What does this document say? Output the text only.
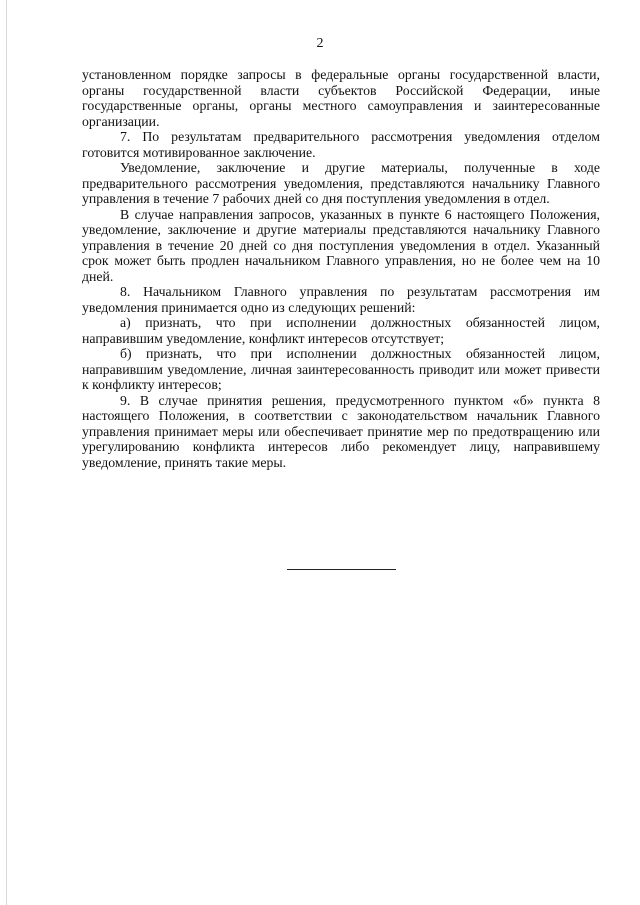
2

установленном порядке запросы в федеральные органы государственной власти, органы государственной власти субъектов Российской Федерации, иные государственные органы, органы местного самоуправления и заинтересованные организации.

7. По результатам предварительного рассмотрения уведомления отделом готовится мотивированное заключение.

Уведомление, заключение и другие материалы, полученные в ходе предварительного рассмотрения уведомления, представляются начальнику Главного управления в течение 7 рабочих дней со дня поступления уведомления в отдел.

В случае направления запросов, указанных в пункте 6 настоящего Положения, уведомление, заключение и другие материалы представляются начальнику Главного управления в течение 20 дней со дня поступления уведомления в отдел. Указанный срок может быть продлен начальником Главного управления, но не более чем на 10 дней.

8. Начальником Главного управления по результатам рассмотрения им уведомления принимается одно из следующих решений:

а) признать, что при исполнении должностных обязанностей лицом, направившим уведомление, конфликт интересов отсутствует;

б) признать, что при исполнении должностных обязанностей лицом, направившим уведомление, личная заинтересованность приводит или может привести к конфликту интересов;

9. В случае принятия решения, предусмотренного пунктом «б» пункта 8 настоящего Положения, в соответствии с законодательством начальник Главного управления принимает меры или обеспечивает принятие мер по предотвращению или урегулированию конфликта интересов либо рекомендует лицу, направившему уведомление, принять такие меры.
